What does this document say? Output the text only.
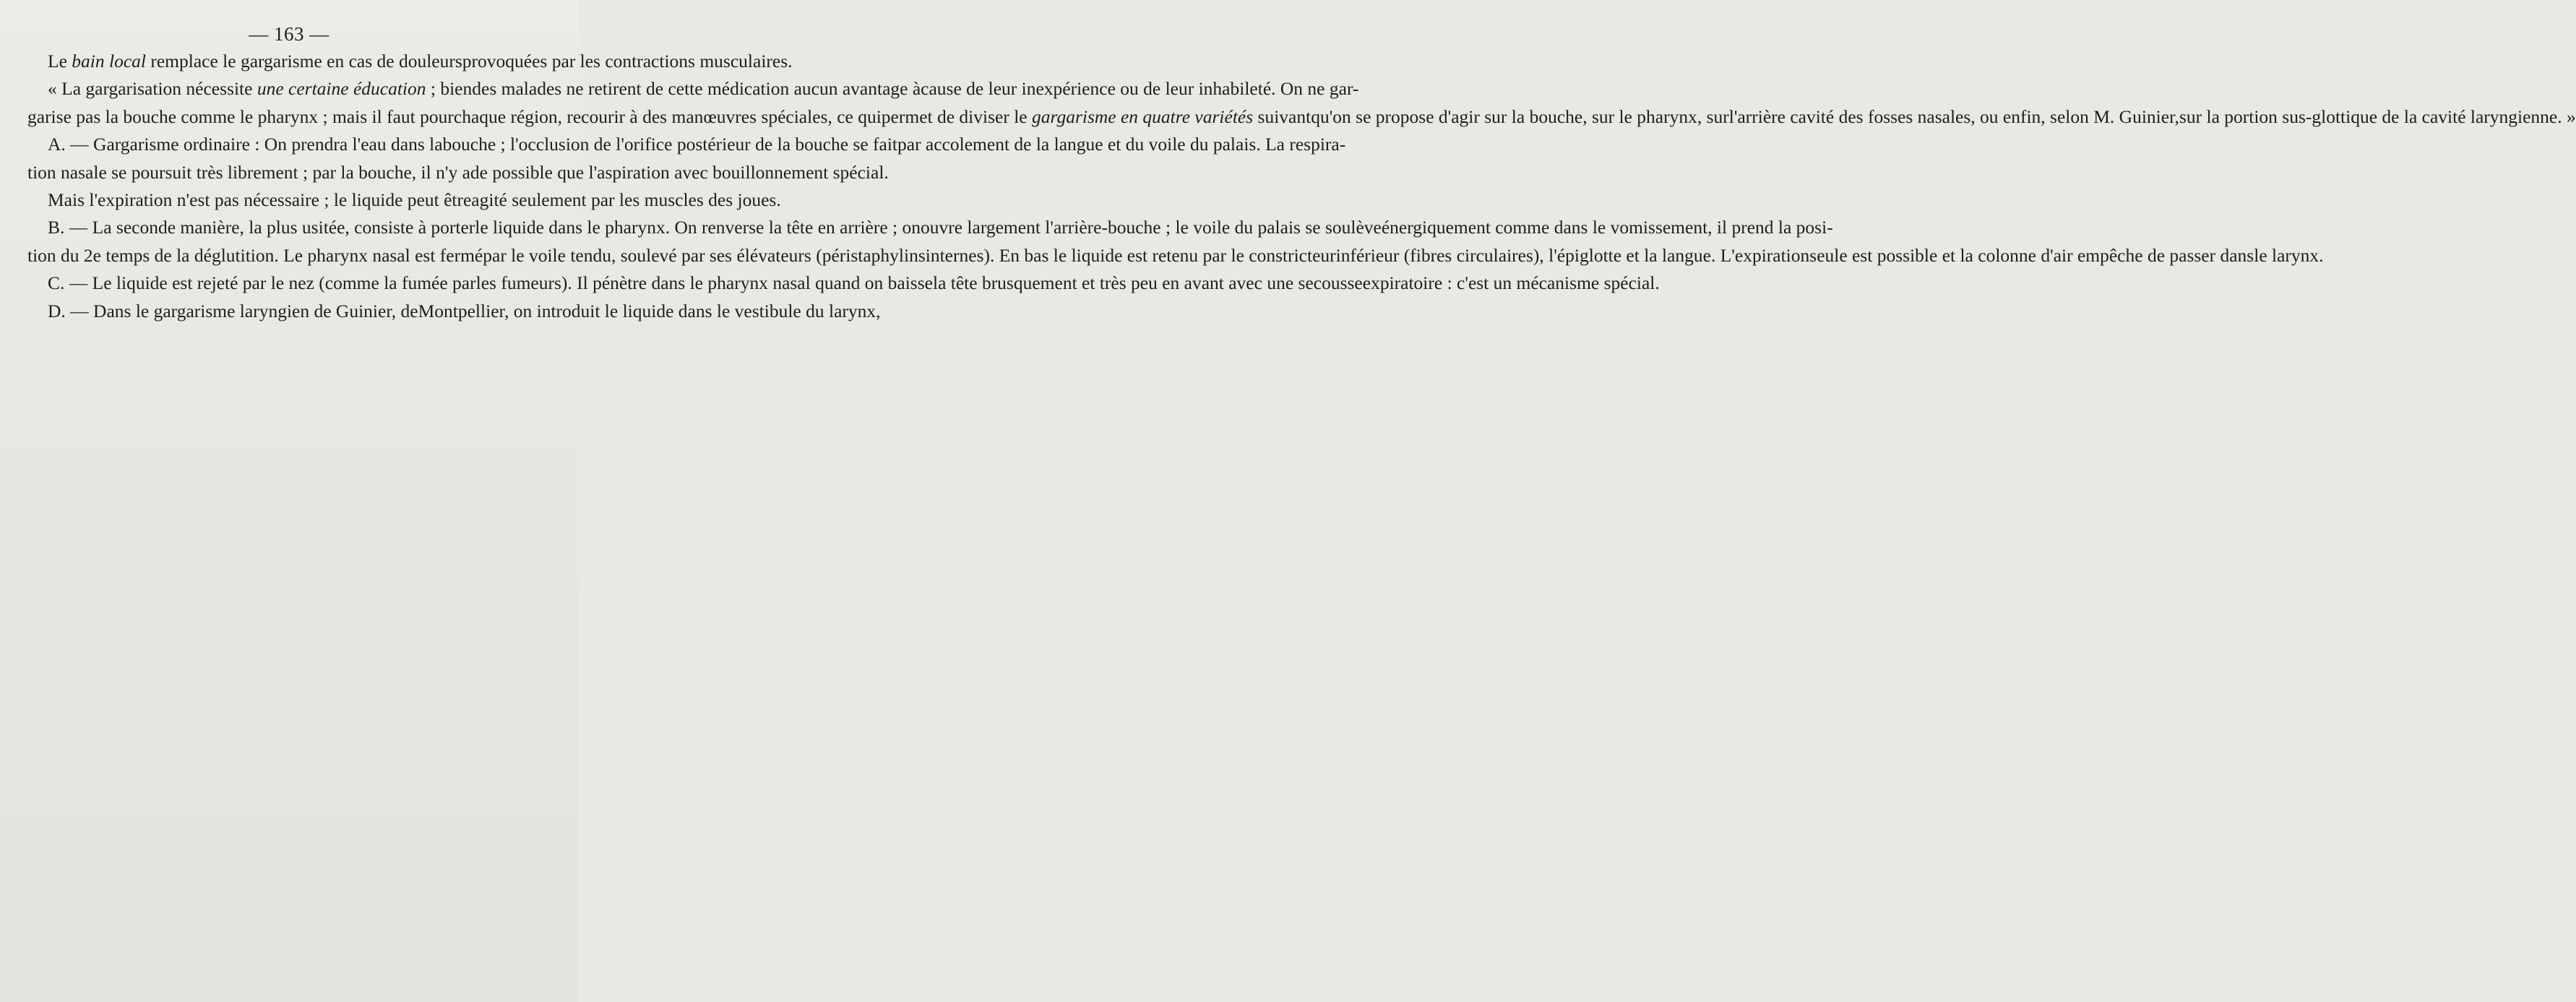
— 163 —
Le bain local remplace le gargarisme en cas de douleursprovoquées par les contractions musculaires.
« La gargarisation nécessite une certaine éducation ; biendes malades ne retirent de cette médication aucun avantage àcause de leur inexpérience ou de leur inhabileté. On ne gar-garise pas la bouche comme le pharynx ; mais il faut pourchaque région, recourir à des manœuvres spéciales, ce quipermet de diviser le gargarisme en quatre variétés suivantqu'on se propose d'agir sur la bouche, sur le pharynx, surl'arrière cavité des fosses nasales, ou enfin, selon M. Guinier,sur la portion sus-glottique de la cavité laryngienne. »
A. — Gargarisme ordinaire : On prendra l'eau dans labouche ; l'occlusion de l'orifice postérieur de la bouche se faitpar accolement de la langue et du voile du palais. La respira-tion nasale se poursuit très librement ; par la bouche, il n'y ade possible que l'aspiration avec bouillonnement spécial.
Mais l'expiration n'est pas nécessaire ; le liquide peut êtreagité seulement par les muscles des joues.
B. — La seconde manière, la plus usitée, consiste à porterle liquide dans le pharynx. On renverse la tête en arrière ; onouvre largement l'arrière-bouche ; le voile du palais se soulèveénergiquement comme dans le vomissement, il prend la posi-tion du 2e temps de la déglutition. Le pharynx nasal est fermépar le voile tendu, soulevé par ses élévateurs (péristaphylinsinternes). En bas le liquide est retenu par le constricteurinférieur (fibres circulaires), l'épiglotte et la langue. L'expirationseule est possible et la colonne d'air empêche de passer dansle larynx.
C. — Le liquide est rejeté par le nez (comme la fumée parles fumeurs). Il pénètre dans le pharynx nasal quand on baissela tête brusquement et très peu en avant avec une secousseexpiratoire : c'est un mécanisme spécial.
D. — Dans le gargarisme laryngien de Guinier, deMontpellier, on introduit le liquide dans le vestibule du larynx,
